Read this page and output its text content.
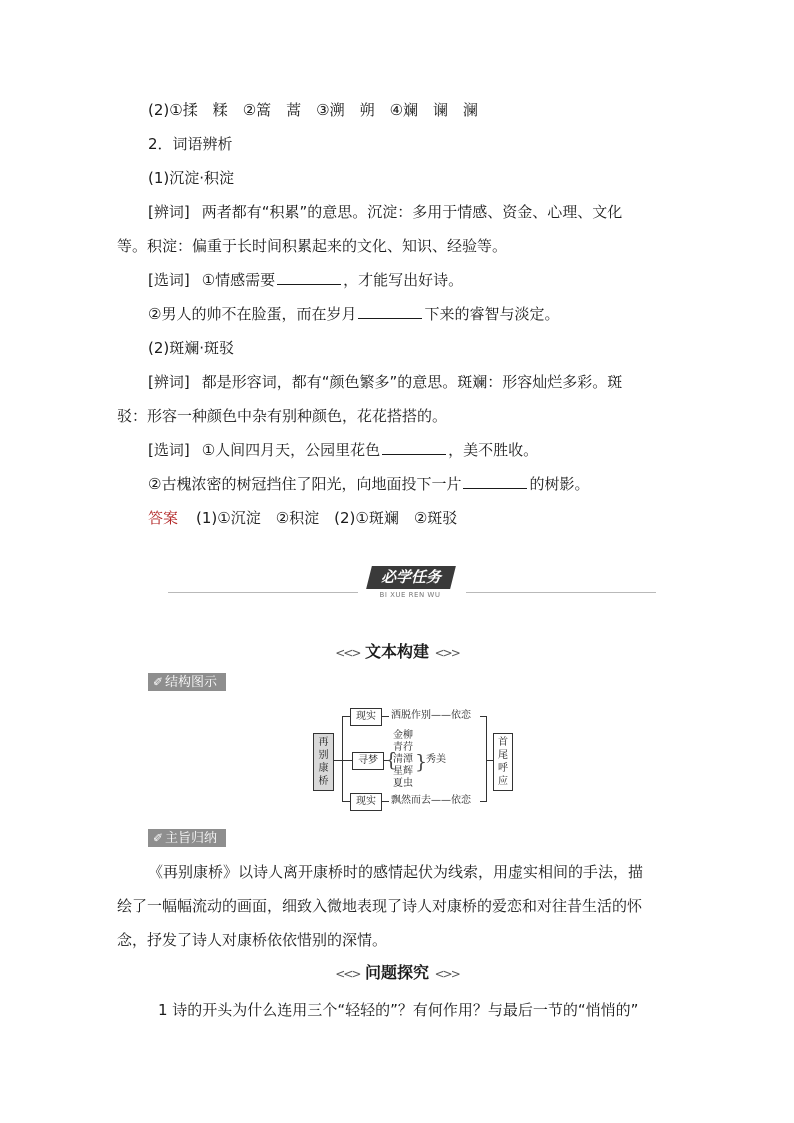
(2)①揉　糅　②篙　蒿　③溯　朔　④斓　谰　澜
2．词语辨析
(1)沉淀·积淀
[辨词] 两者都有“积累”的意思。沉淀：多用于情感、资金、心理、文化
等。积淀：偏重于长时间积累起来的文化、知识、经验等。
[选词] ①情感需要	，才能写出好诗。
②男人的帅不在脸蛋，而在岁月	下来的睿智与淡定。
(2)斑斓·斑驳
[辨词] 都是形容词，都有“颜色繁多”的意思。斑斓：形容灿烂多彩。斑
驳：形容一种颜色中杂有别种颜色，花花搭搭的。
[选词] ①人间四月天，公园里花色	，美不胜收。
②古槐浓密的树冠挡住了阳光，向地面投下一片	的树影。
答案 (1)①沉淀　②积淀　(2)①斑斓　②斑驳
必学任务
BI XUE REN WU
<<> 文本构建 <>>
✐ 结构图示
再别康桥
现实	洒脱作别——依恋
寻梦 {
金柳
青荇
清潭
星辉
夏虫
}
秀美
现实	飘然而去——依恋
首尾呼应
✐ 主旨归纳
《再别康桥》以诗人离开康桥时的感情起伏为线索，用虚实相间的手法，描
绘了一幅幅流动的画面，细致入微地表现了诗人对康桥的爱恋和对往昔生活的怀
念，抒发了诗人对康桥依依惜别的深情。
<<> 问题探究 <>>
1 诗的开头为什么连用三个“轻轻的”？有何作用？与最后一节的“悄悄的”
